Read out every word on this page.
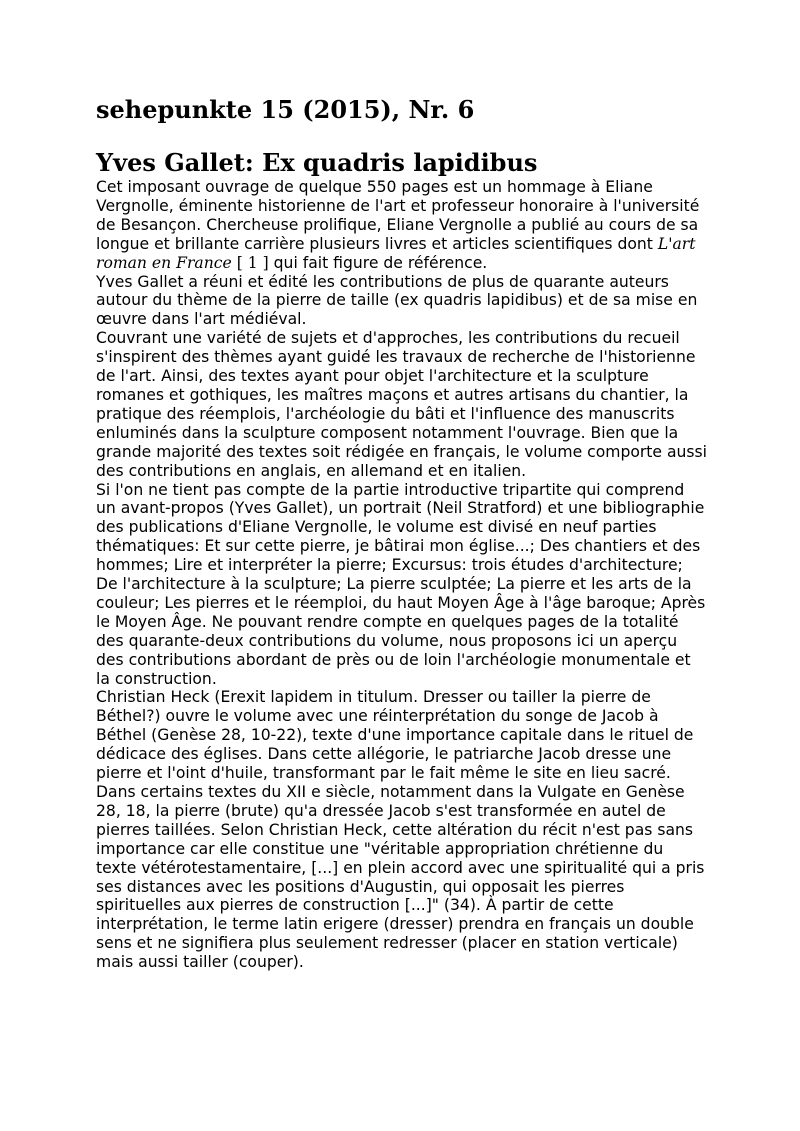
sehepunkte 15 (2015), Nr. 6
Yves Gallet: Ex quadris lapidibus

Cet imposant ouvrage de quelque 550 pages est un hommage à Eliane Vergnolle, éminente historienne de l'art et professeur honoraire à l'université de Besançon. Chercheuse prolifique, Eliane Vergnolle a publié au cours de sa longue et brillante carrière plusieurs livres et articles scientifiques dont L'art roman en France [ 1 ] qui fait figure de référence.

Yves Gallet a réuni et édité les contributions de plus de quarante auteurs autour du thème de la pierre de taille (ex quadris lapidibus) et de sa mise en œuvre dans l'art médiéval.

Couvrant une variété de sujets et d'approches, les contributions du recueil s'inspirent des thèmes ayant guidé les travaux de recherche de l'historienne de l'art. Ainsi, des textes ayant pour objet l'architecture et la sculpture romanes et gothiques, les maîtres maçons et autres artisans du chantier, la pratique des réemplois, l'archéologie du bâti et l'influence des manuscrits enluminés dans la sculpture composent notamment l'ouvrage. Bien que la grande majorité des textes soit rédigée en français, le volume comporte aussi des contributions en anglais, en allemand et en italien.

Si l'on ne tient pas compte de la partie introductive tripartite qui comprend un avant-propos (Yves Gallet), un portrait (Neil Stratford) et une bibliographie des publications d'Eliane Vergnolle, le volume est divisé en neuf parties thématiques: Et sur cette pierre, je bâtirai mon église...; Des chantiers et des hommes; Lire et interpréter la pierre; Excursus: trois études d'architecture; De l'architecture à la sculpture; La pierre sculptée; La pierre et les arts de la couleur; Les pierres et le réemploi, du haut Moyen Âge à l'âge baroque; Après le Moyen Âge. Ne pouvant rendre compte en quelques pages de la totalité des quarante-deux contributions du volume, nous proposons ici un aperçu des contributions abordant de près ou de loin l'archéologie monumentale et la construction.

Christian Heck (Erexit lapidem in titulum. Dresser ou tailler la pierre de Béthel?) ouvre le volume avec une réinterprétation du songe de Jacob à Béthel (Genèse 28, 10-22), texte d'une importance capitale dans le rituel de dédicace des églises. Dans cette allégorie, le patriarche Jacob dresse une pierre et l'oint d'huile, transformant par le fait même le site en lieu sacré. Dans certains textes du XII e siècle, notamment dans la Vulgate en Genèse 28, 18, la pierre (brute) qu'a dressée Jacob s'est transformée en autel de pierres taillées. Selon Christian Heck, cette altération du récit n'est pas sans importance car elle constitue une "véritable appropriation chrétienne du texte vétérotestamentaire, [...] en plein accord avec une spiritualité qui a pris ses distances avec les positions d'Augustin, qui opposait les pierres spirituelles aux pierres de construction [...]" (34). À partir de cette interprétation, le terme latin erigere (dresser) prendra en français un double sens et ne signifiera plus seulement redresser (placer en station verticale) mais aussi tailler (couper).
